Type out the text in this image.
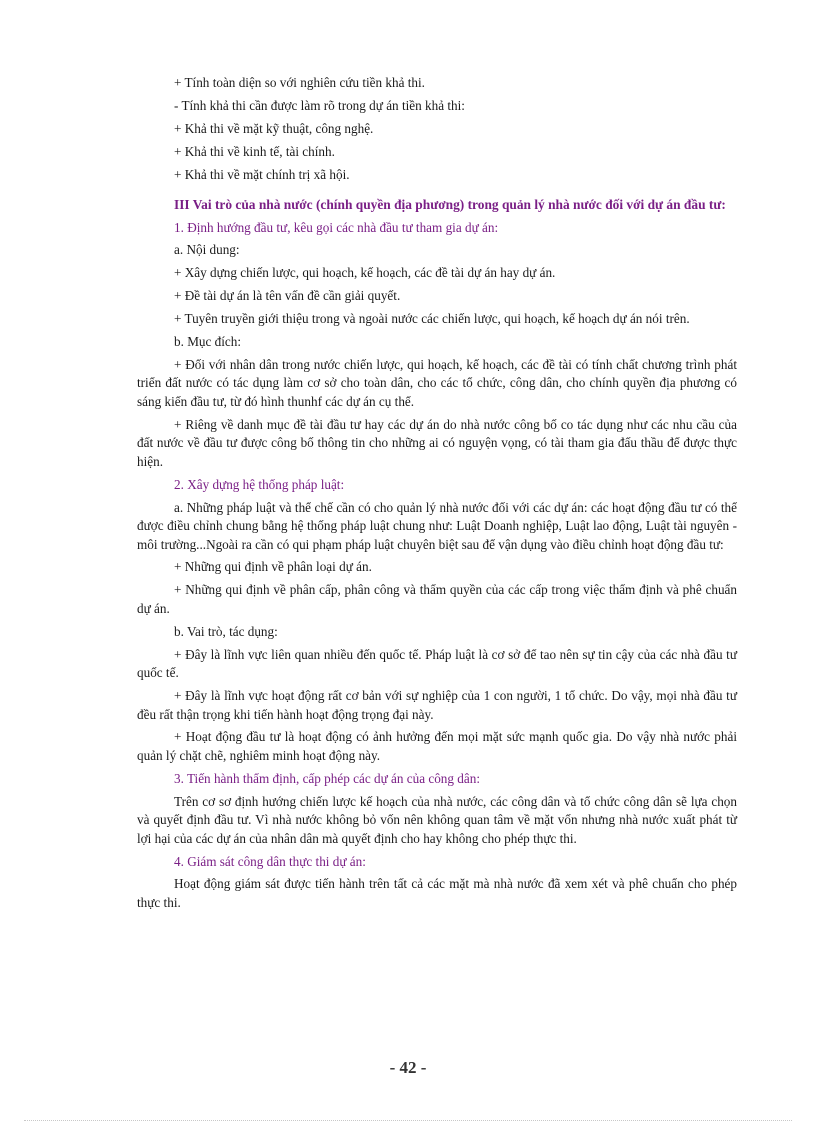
+ Tính toàn diện so với nghiên cứu tiền khả thi.

- Tính khả thi cần được làm rõ trong dự án tiền khả thi:

+ Khả thi về mặt kỹ thuật, công nghệ.

+ Khả thi về kinh tế, tài chính.

+ Khả thi về mặt chính trị xã hội.

III Vai trò của nhà nước (chính quyền địa phương) trong quản lý nhà nước đối với dự án đầu tư:

1. Định hướng đầu tư, kêu gọi các nhà đầu tư tham gia dự án:

a. Nội dung:

+ Xây dựng chiến lược, qui hoạch, kế hoạch, các đề tài dự án hay dự án.

+ Đề tài dự án là tên vấn đề cần giải quyết.

+ Tuyên truyền giới thiệu trong và ngoài nước các chiến lược, qui hoạch, kế hoạch dự án nói trên.

b. Mục đích:

+ Đối với nhân dân trong nước chiến lược, qui hoạch, kế hoạch, các đề tài có tính chất chương trình phát triển đất nước có tác dụng làm cơ sở cho toàn dân, cho các tổ chức, công dân, cho chính quyền địa phương có sáng kiến đầu tư, từ đó hình thunhf các dự án cụ thể.

+ Riêng về danh mục đề tài đầu tư hay các dự án do nhà nước công bố co tác dụng như các nhu cầu của đất nước về đầu tư được công bố thông tin cho những ai có nguyện vọng, có tài tham gia đấu thầu để được thực hiện.

2. Xây dựng hệ thống pháp luật:

a. Những pháp luật và thể chế cần có cho quản lý nhà nước đối với các dự án: các hoạt động đầu tư có thể được điều chỉnh chung bằng hệ thống pháp luật chung như: Luật Doanh nghiệp, Luật lao động, Luật tài nguyên - môi trường...Ngoài ra cần có qui phạm pháp luật chuyên biệt sau để vận dụng vào điều chỉnh hoạt động đầu tư:

+ Những qui định về phân loại dự án.

+ Những qui định về phân cấp, phân công và thẩm quyền của các cấp trong việc thẩm định và phê chuẩn dự án.

b. Vai trò, tác dụng:

+ Đây là lĩnh vực liên quan nhiều đến quốc tế. Pháp luật là cơ sở để tao nên sự tin cậy của các nhà đầu tư quốc tế.

+ Đây là lĩnh vực hoạt động rất cơ bản với sự nghiệp của 1 con người, 1 tổ chức. Do vậy, mọi nhà đầu tư đều rất thận trọng khi tiến hành hoạt động trọng đại này.

+ Hoạt động đầu tư là hoạt động có ảnh hưởng đến mọi mặt sức mạnh quốc gia. Do vậy nhà nước phải quản lý chặt chẽ, nghiêm minh hoạt động này.

3. Tiến hành thẩm định, cấp phép các dự án của công dân:

Trên cơ sơ định hướng chiến lược kế hoạch của nhà nước, các công dân và tổ chức công dân sẽ lựa chọn và quyết định đầu tư. Vì nhà nước không bỏ vốn nên không quan tâm về mặt vốn nhưng nhà nước xuất phát từ lợi hại của các dự án của nhân dân mà quyết định cho hay không cho phép thực thi.

4. Giám sát công dân thực thi dự án:

Hoạt động giám sát được tiến hành trên tất cả các mặt mà nhà nước đã xem xét và phê chuẩn cho phép thực thi.

- 42 -
